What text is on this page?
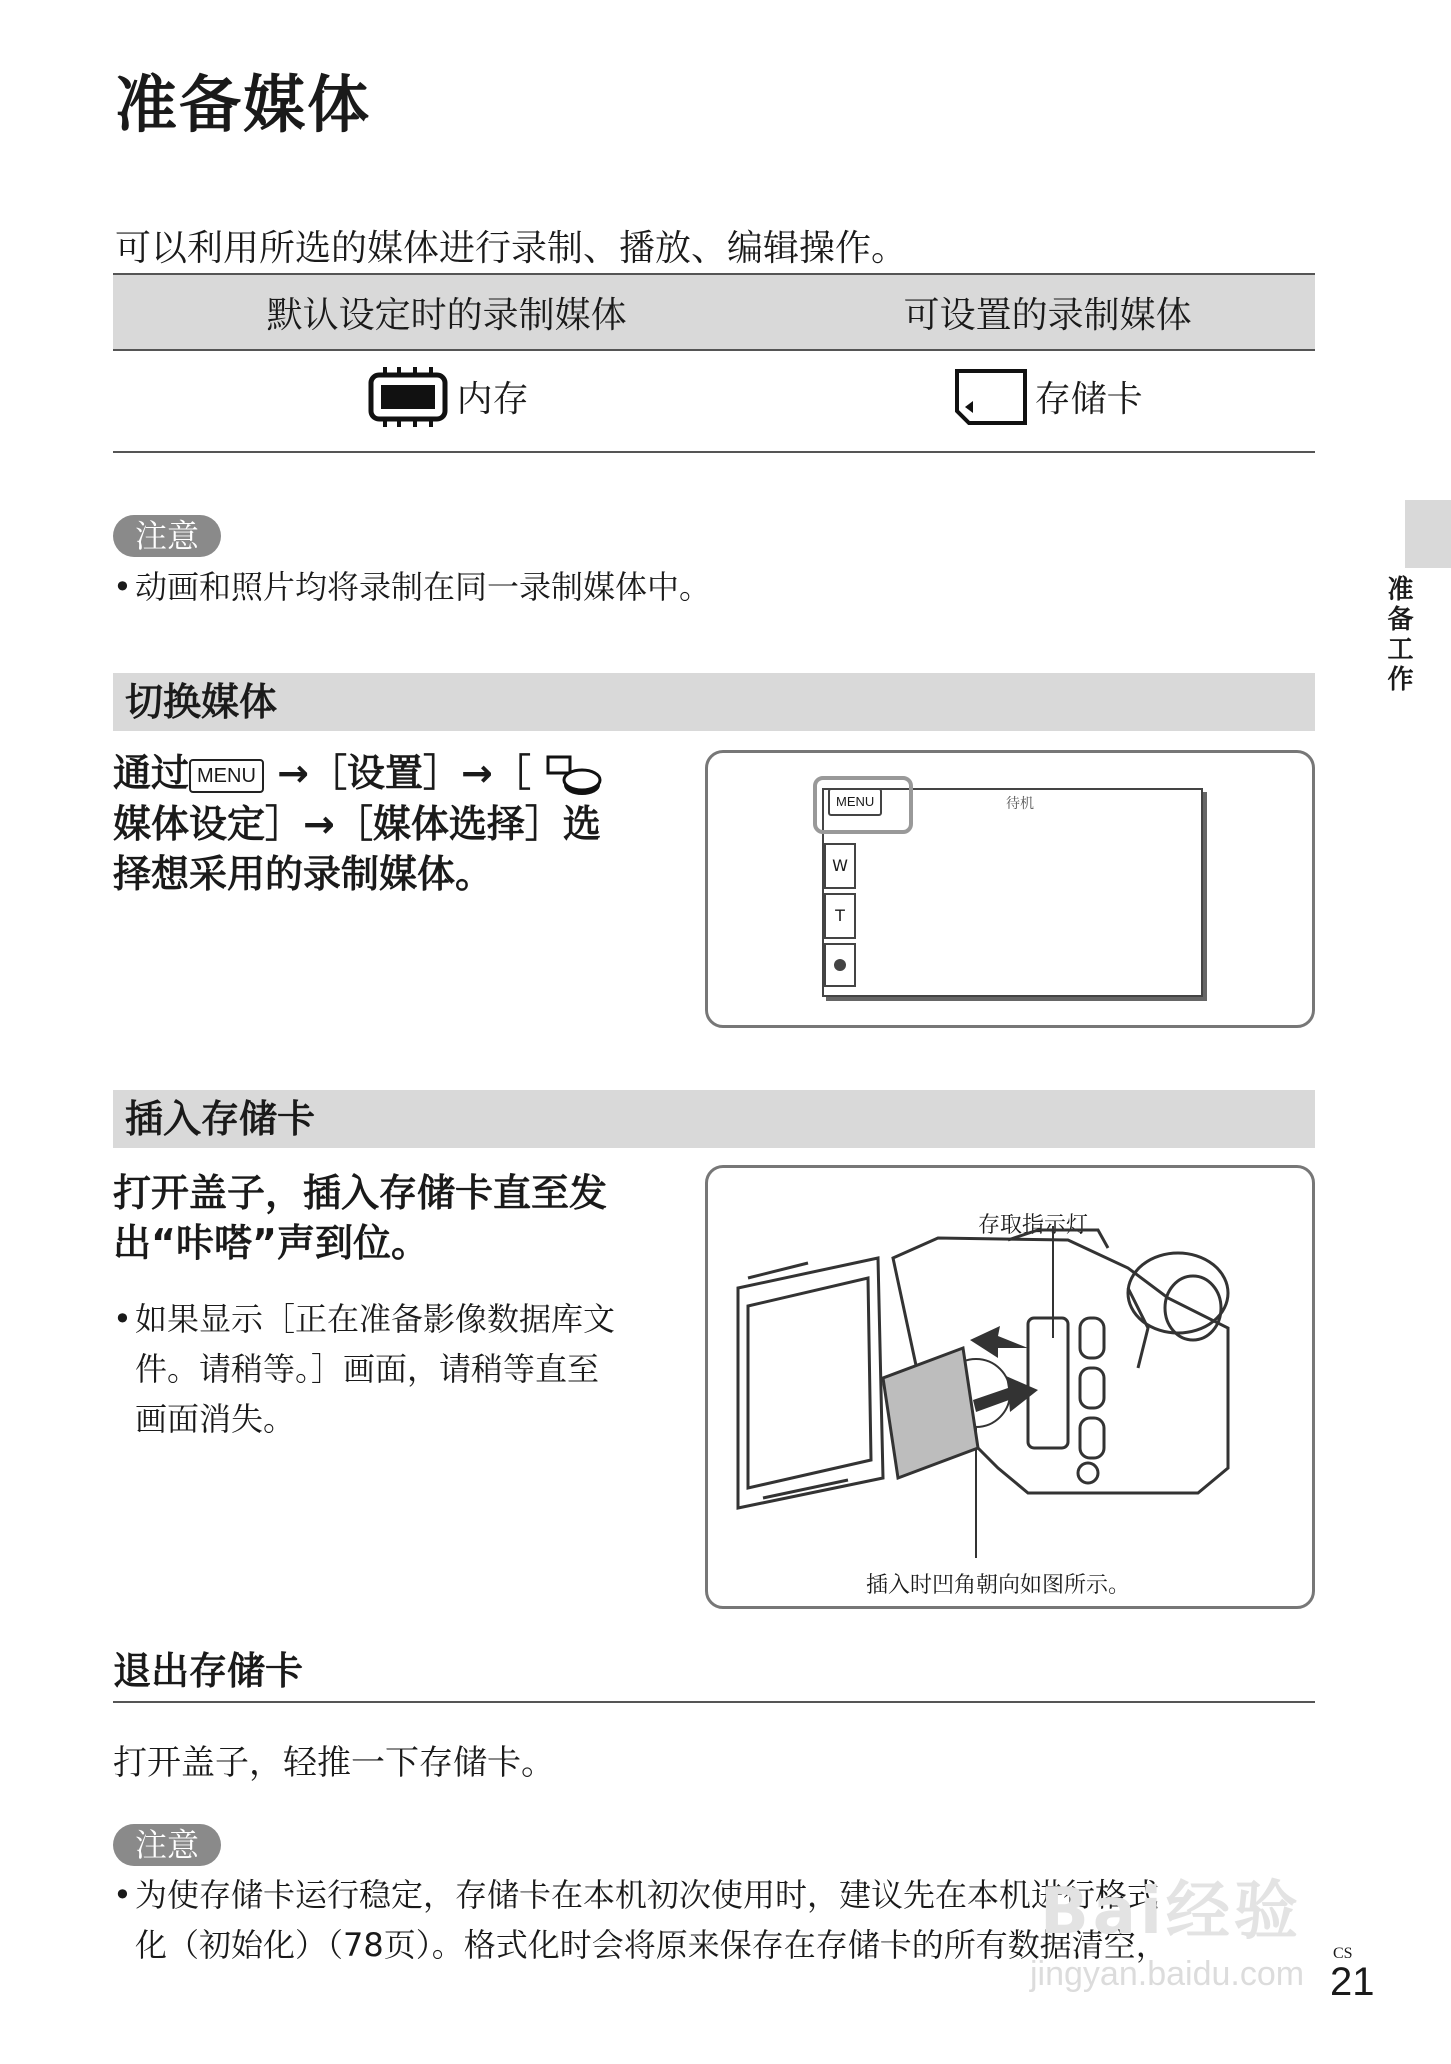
准备媒体
可以利用所选的媒体进行录制、播放、编辑操作。
默认设定时的录制媒体	可设置的录制媒体

内存	存储卡
注意
•动画和照片均将录制在同一录制媒体中。
切换媒体
通过 MENU →［设置］→［
媒体设定］→［媒体选择］选
择想采用的录制媒体。
MENU	待机
W
T
插入存储卡
打开盖子，插入存储卡直至发
出“咔嗒”声到位。
•如果显示［正在准备影像数据库文
件。请稍等。］画面，请稍等直至
画面消失。
存取指示灯
插入时凹角朝向如图所示。
退出存储卡
打开盖子，轻推一下存储卡。
注意
•为使存储卡运行稳定，存储卡在本机初次使用时，建议先在本机进行格式
化（初始化）（78页）。格式化时会将原来保存在存储卡的所有数据清空，
准备工作
Bai经验
jingyan.baidu.com
CS
21
